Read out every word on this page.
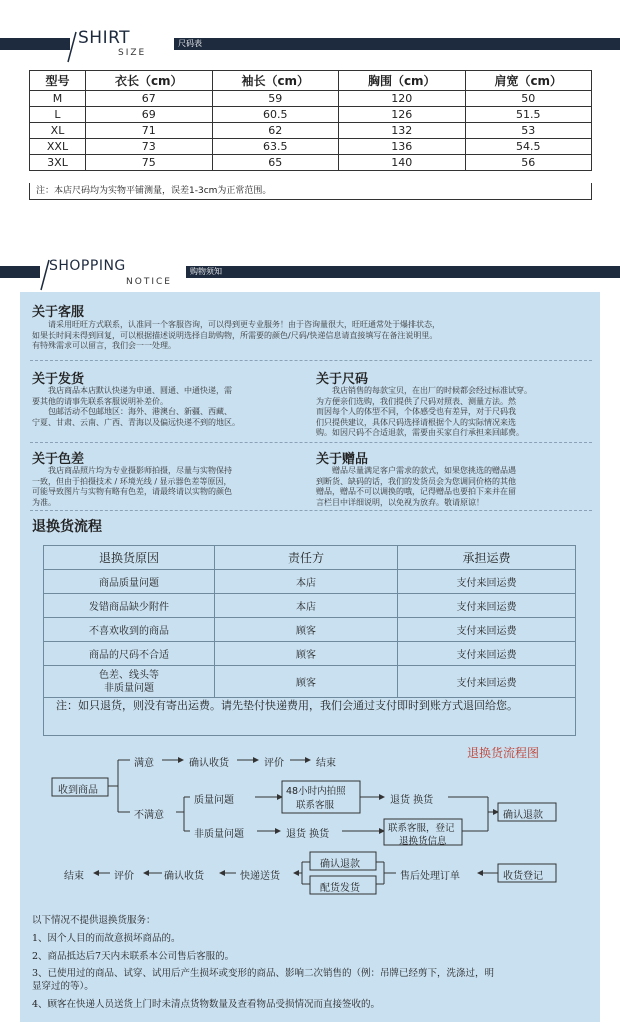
尺码表
SHIRT
SIZE
型号	衣长（cm）	袖长（cm）	胸围（cm）	肩宽（cm）
M	67	59	120	50
L	69	60.5	126	51.5
XL	71	62	132	53
XXL	73	63.5	136	54.5
3XL	75	65	140	56
注：本店尺码均为实物平铺测量，误差1-3cm为正常范围。
购物须知
SHOPPING
NOTICE
关于客服
请采用旺旺方式联系，认准同一个客服咨询，可以得到更专业服务！由于咨询量很大，旺旺通常处于爆排状态，
如果长时间未得到回复，可以根据描述说明选择自助购物，所需要的颜色/尺码/快递信息请直接填写在备注说明里。
有特殊需求可以留言，我们会一一处理。
关于发货
我店商品本店默认快递为申通、圆通、中通快递，需
要其他的请事先联系客服说明补差价。
包邮活动不包邮地区：海外、港澳台、新疆、西藏、
宁夏、甘肃、云南、广西、青海以及偏远快递不到的地区。
关于尺码
我店销售的每款宝贝，在出厂的时候都会经过标准试穿。
为方便亲们选购，我们提供了尺码对照表、测量方法。然
而因每个人的体型不同，个体感受也有差异，对于尺码我
们只提供建议，具体尺码选择请根据个人的实际情况来选
购。如因尺码不合适退款，需要由买家自行承担来回邮费。
关于色差
我店商品照片均为专业摄影师拍摄，尽量与实物保持
一致，但由于拍摄技术 / 环境光线 / 显示器色差等原因，
可能导致图片与实物有略有色差，请最终请以实物的颜色
为准。
关于赠品
赠品尽量满足客户需求的款式，如果您挑选的赠品遇
到断货、缺码的话，我们的发货员会为您调同价格的其他
赠品，赠品不可以调换的哦，记得赠品也要拍下来并在留
言栏目中详细说明，以免视为放弃。敬请原谅！
退换货流程
退换货原因	责任方	承担运费
商品质量问题	本店	支付来回运费
发错商品缺少附件	本店	支付来回运费
不喜欢收到的商品	顾客	支付来回运费
商品的尺码不合适	顾客	支付来回运费

色差、线头等
非质量问题	顾客	支付来回运费
注：如只退货，则没有寄出运费。请先垫付快递费用，我们会通过支付即时到账方式退回给您。
退换货流程图
收到商品
满意	确认收货	评价	结束
不满意
质量问题
48小时内拍照
联系客服	退货 换货
确认退款
非质量问题	退货 换货
联系客服，登记
退换货信息
结束	评价	确认收货	快递送货
确认退款
配货发货
售后处理订单	收货登记
以下情况不提供退换货服务：
1、因个人目的而故意损坏商品的。
2、商品抵达后7天内未联系本公司售后客服的。
3、已使用过的商品、试穿、试用后产生损坏或变形的商品、影响二次销售的（例：吊牌已经剪下，洗涤过，明
显穿过的等）。
4、顾客在快递人员送货上门时未清点货物数量及查看物品受损情况而直接签收的。
